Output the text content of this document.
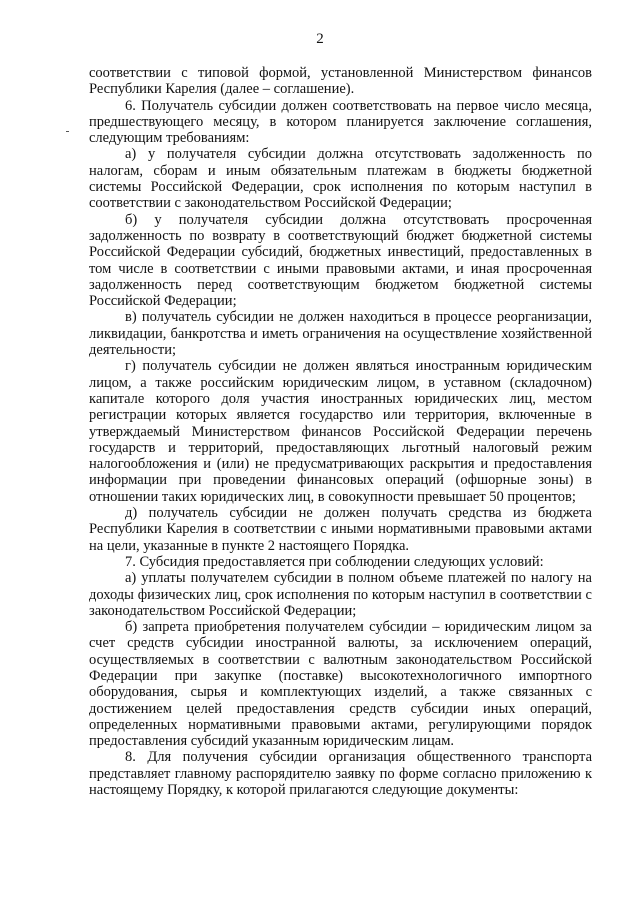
2

соответствии с типовой формой, установленной Министерством финансов Республики Карелия (далее – соглашение).

6. Получатель субсидии должен соответствовать на первое число месяца, предшествующего месяцу, в котором планируется заключение соглашения, следующим требованиям:

а) у получателя субсидии должна отсутствовать задолженность по налогам, сборам и иным обязательным платежам в бюджеты бюджетной системы Российской Федерации, срок исполнения по которым наступил в соответствии с законодательством Российской Федерации;

б) у получателя субсидии должна отсутствовать просроченная задолженность по возврату в соответствующий бюджет бюджетной системы Российской Федерации субсидий, бюджетных инвестиций, предоставленных в том числе в соответствии с иными правовыми актами, и иная просроченная задолженность перед соответствующим бюджетом бюджетной системы Российской Федерации;

в) получатель субсидии не должен находиться в процессе реорганизации, ликвидации, банкротства и иметь ограничения на осуществление хозяйственной деятельности;

г) получатель субсидии не должен являться иностранным юридическим лицом, а также российским юридическим лицом, в уставном (складочном) капитале которого доля участия иностранных юридических лиц, местом регистрации которых является государство или территория, включенные в утверждаемый Министерством финансов Российской Федерации перечень государств и территорий, предоставляющих льготный налоговый режим налогообложения и (или) не предусматривающих раскрытия и предоставления информации при проведении финансовых операций (офшорные зоны) в отношении таких юридических лиц, в совокупности превышает 50 процентов;

д) получатель субсидии не должен получать средства из бюджета Республики Карелия в соответствии с иными нормативными правовыми актами на цели, указанные в пункте 2 настоящего Порядка.

7. Субсидия предоставляется при соблюдении следующих условий:

а) уплаты получателем субсидии в полном объеме платежей по налогу на доходы физических лиц, срок исполнения по которым наступил в соответствии с законодательством Российской Федерации;

б) запрета приобретения получателем субсидии – юридическим лицом за счет средств субсидии иностранной валюты, за исключением операций, осуществляемых в соответствии с валютным законодательством Российской Федерации при закупке (поставке) высокотехнологичного импортного оборудования, сырья и комплектующих изделий, а также связанных с достижением целей предоставления средств субсидии иных операций, определенных нормативными правовыми актами, регулирующими порядок предоставления субсидий указанным юридическим лицам.

8. Для получения субсидии организация общественного транспорта представляет главному распорядителю заявку по форме согласно приложению к настоящему Порядку, к которой прилагаются следующие документы:
